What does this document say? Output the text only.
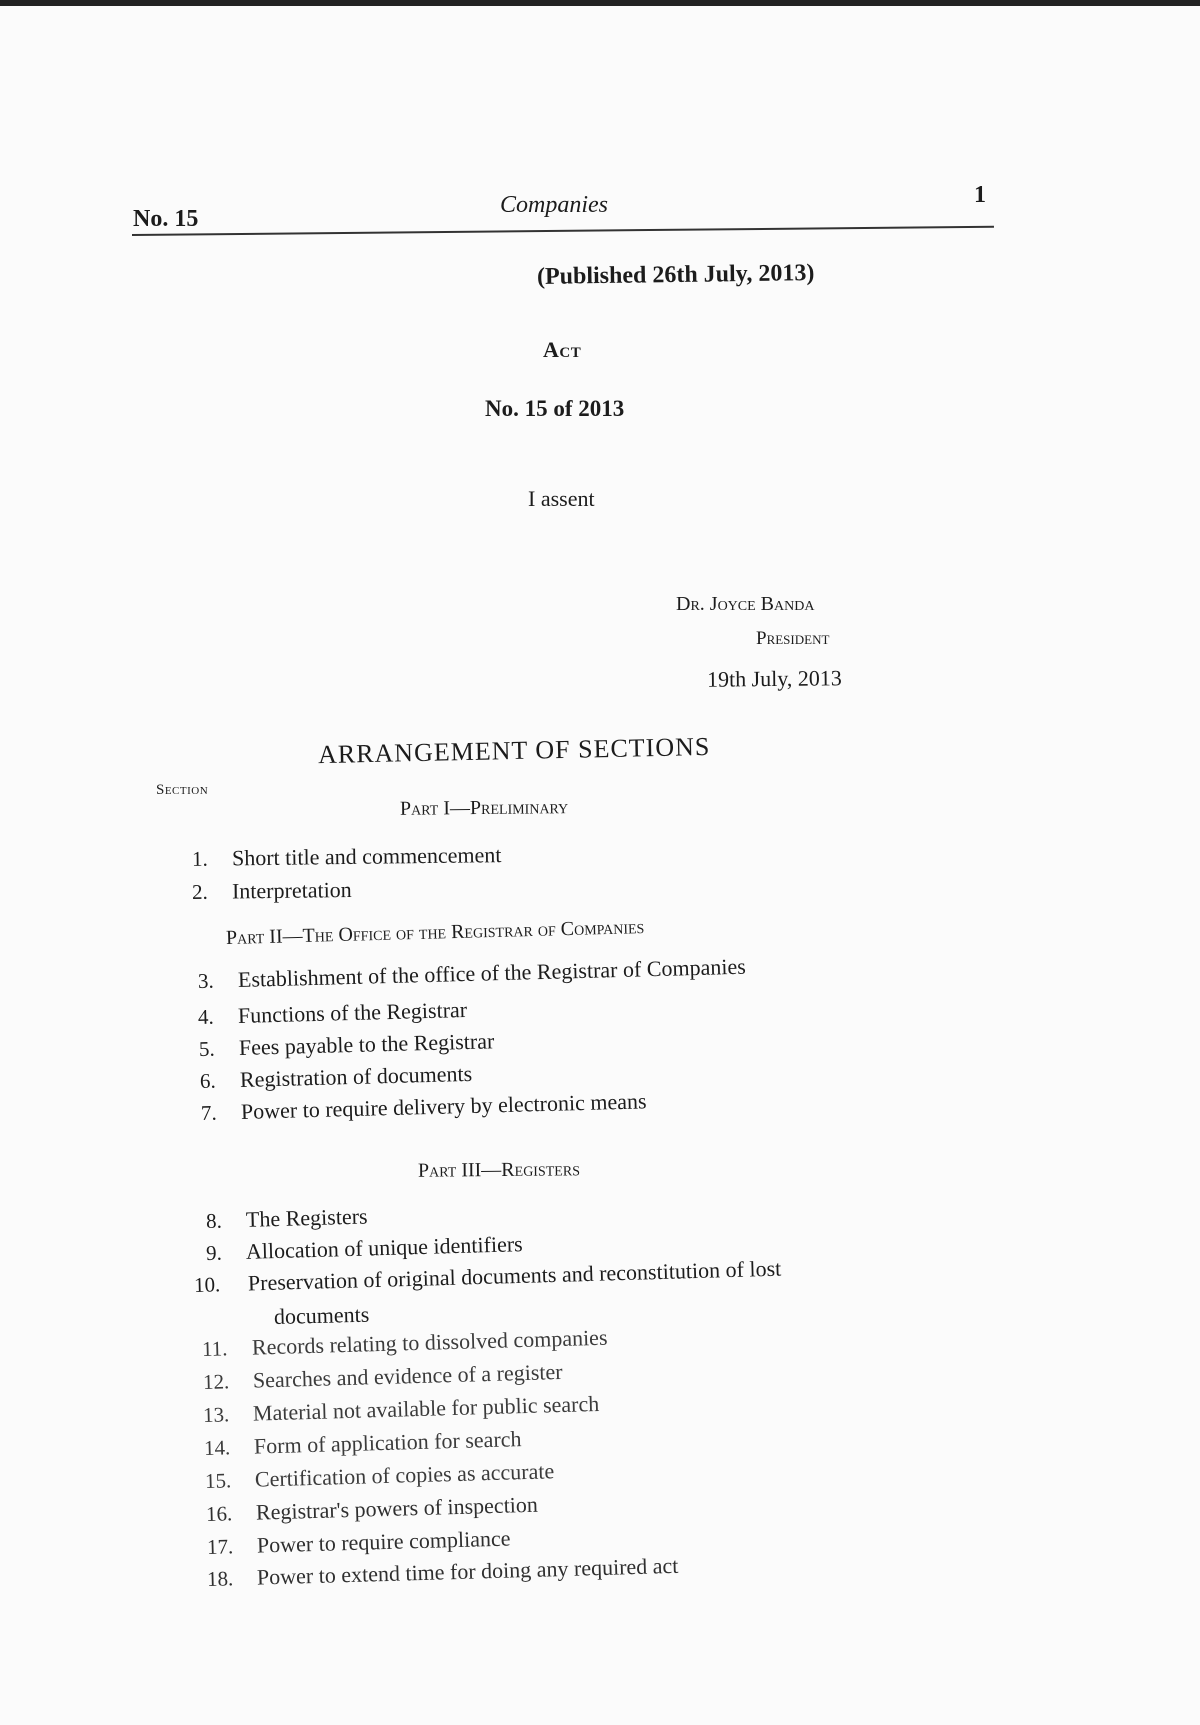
No. 15
Companies	1
(Published 26th July, 2013)
Act
No. 15 of 2013
I assent
Dr. Joyce Banda
President
19th July, 2013
ARRANGEMENT OF SECTIONS
Section
Part I—Preliminary
1. Short title and commencement
2. Interpretation
Part II—The Office of the Registrar of Companies
3. Establishment of the office of the Registrar of Companies
4. Functions of the Registrar
5. Fees payable to the Registrar
6. Registration of documents
7. Power to require delivery by electronic means
Part III—Registers
8. The Registers
9. Allocation of unique identifiers
10. Preservation of original documents and reconstitution of lost
documents
11. Records relating to dissolved companies
12. Searches and evidence of a register
13. Material not available for public search
14. Form of application for search
15. Certification of copies as accurate
16. Registrar's powers of inspection
17. Power to require compliance
18. Power to extend time for doing any required act
